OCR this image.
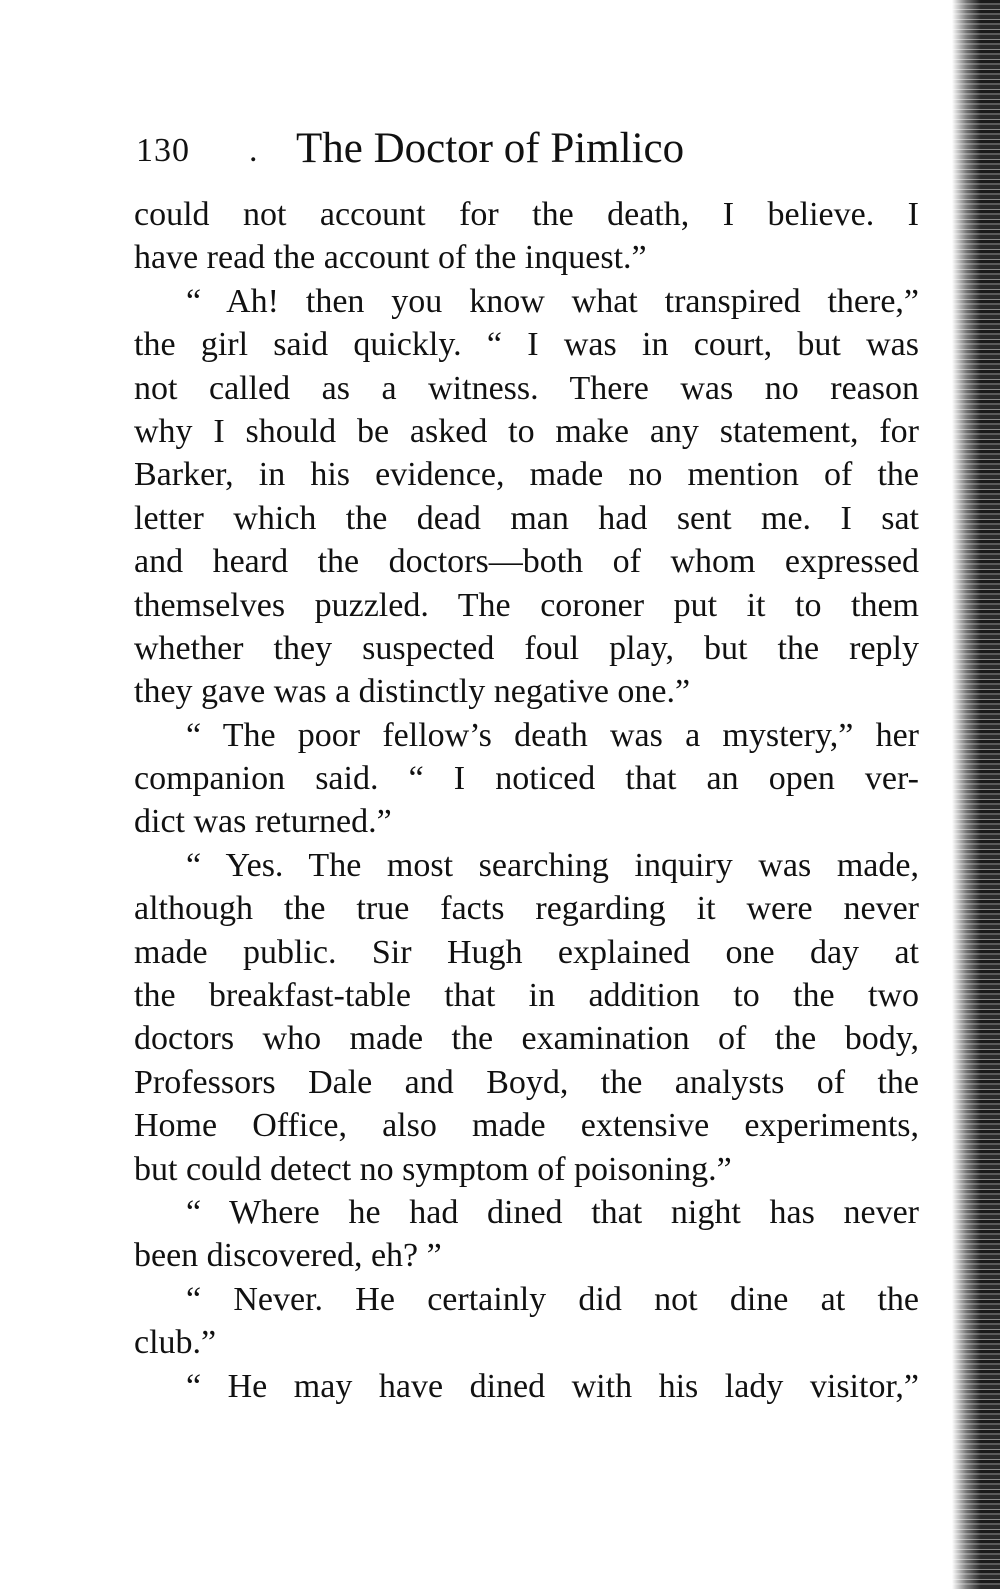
130 . The Doctor of Pimlico
could not account for the death, I believe. I
have read the account of the inquest.”
“ Ah! then you know what transpired there,”
the girl said quickly. “ I was in court, but was
not called as a witness. There was no reason
why I should be asked to make any statement, for
Barker, in his evidence, made no mention of the
letter which the dead man had sent me. I sat
and heard the doctors—both of whom expressed
themselves puzzled. The coroner put it to them
whether they suspected foul play, but the reply
they gave was a distinctly negative one.”
“ The poor fellow’s death was a mystery,” her
companion said. “ I noticed that an open ver-
dict was returned.”
“ Yes. The most searching inquiry was made,
although the true facts regarding it were never
made public. Sir Hugh explained one day at
the breakfast-table that in addition to the two
doctors who made the examination of the body,
Professors Dale and Boyd, the analysts of the
Home Office, also made extensive experiments,
but could detect no symptom of poisoning.”
“ Where he had dined that night has never
been discovered, eh? ”
“ Never. He certainly did not dine at the
club.”
“ He may have dined with his lady visitor,”
